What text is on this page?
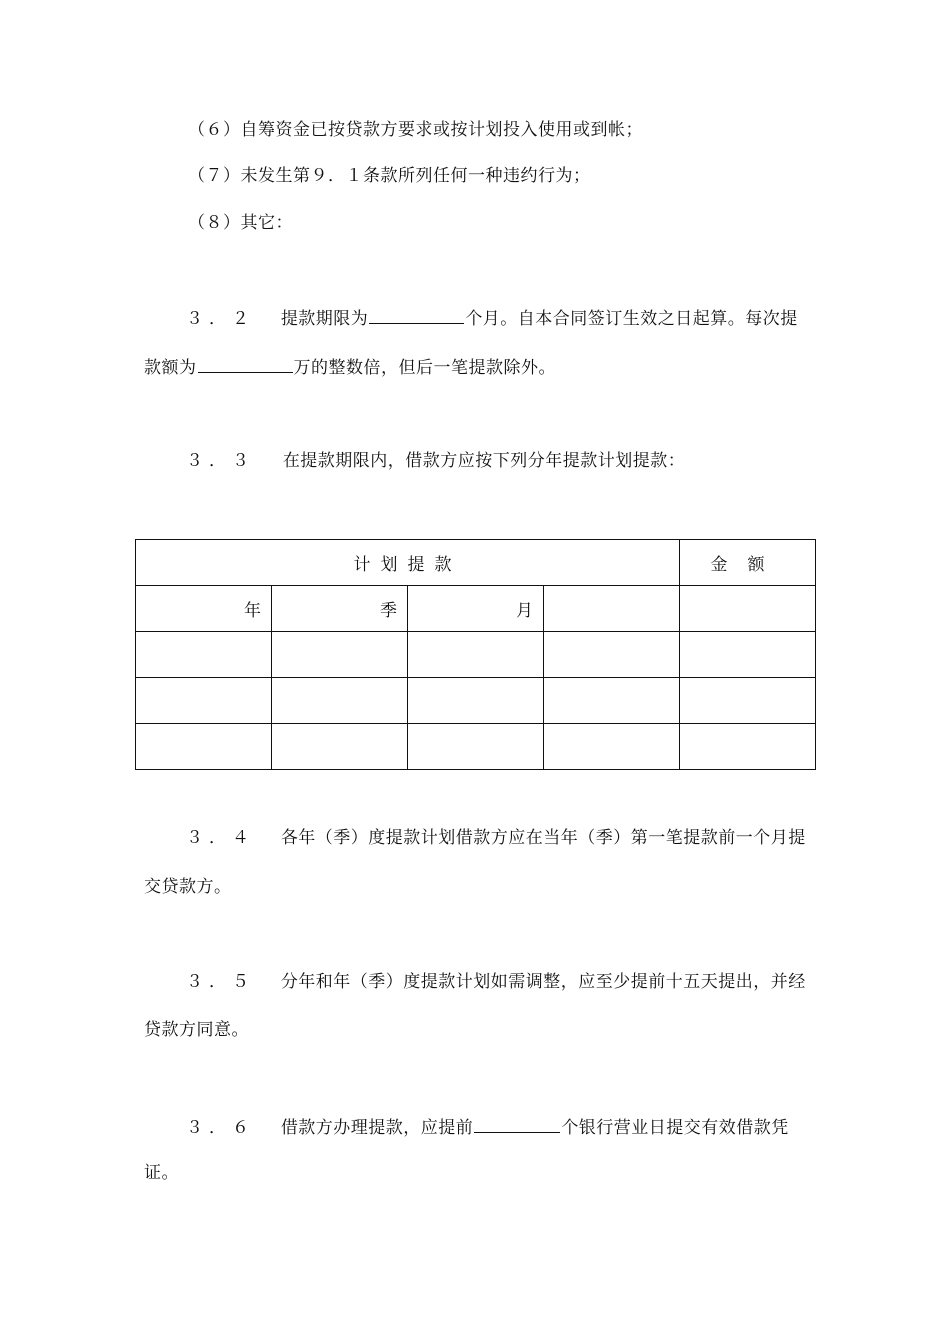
（６）自筹资金已按贷款方要求或按计划投入使用或到帐；
（７）未发生第９．１条款所列任何一种违约行为；
（８）其它：
３．２ 提款期限为	个月。自本合同签订生效之日起算。每次提
款额为	万的整数倍，但后一笔提款除外。
３．３ 在提款期限内，借款方应按下列分年提款计划提款：
计划提款				金额
年	季	月		

３．４ 各年（季）度提款计划借款方应在当年（季）第一笔提款前一个月提
交贷款方。
３．５ 分年和年（季）度提款计划如需调整，应至少提前十五天提出，并经
贷款方同意。
３．６ 借款方办理提款，应提前	个银行营业日提交有效借款凭
证。
